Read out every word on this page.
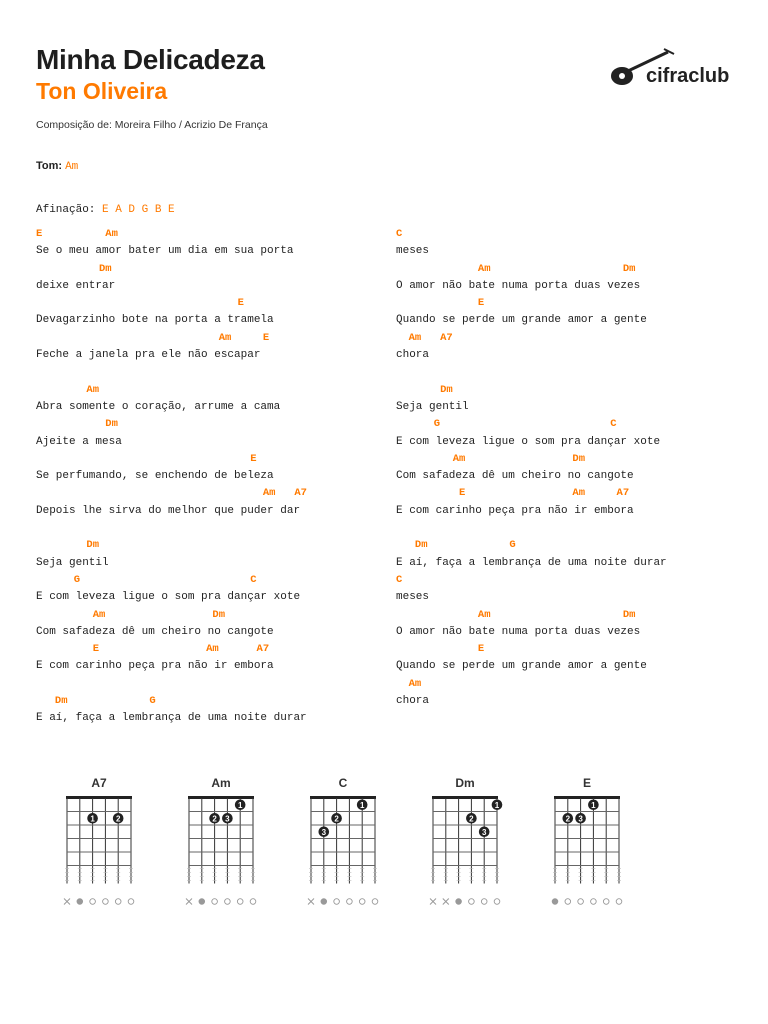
Minha Delicadeza
Ton Oliveira
Composição de: Moreira Filho / Acrizio De França
cifraclub
Tom: Am
Afinação: E A D G B E
E          Am
Se o meu amor bater um dia em sua porta
Dm
deixe entrar
E
Devagarzinho bote na porta a tramela
Am     E
Feche a janela pra ele não escapar
Am
Abra somente o coração, arrume a cama
Dm
Ajeite a mesa
E
Se perfumando, se enchendo de beleza
Am   A7
Depois lhe sirva do melhor que puder dar
Dm
Seja gentil
G                           C
E com leveza ligue o som pra dançar xote
Am                 Dm
Com safadeza dê um cheiro no cangote
E                 Am      A7
E com carinho peça pra não ir embora
Dm             G
E aí, faça a lembrança de uma noite durar
C
meses
Am                     Dm
O amor não bate numa porta duas vezes
E
Quando se perde um grande amor a gente
Am   A7
chora
Dm
Seja gentil
G                           C
E com leveza ligue o som pra dançar xote
Am                 Dm
Com safadeza dê um cheiro no cangote
E                 Am     A7
E com carinho peça pra não ir embora
Dm             G
E aí, faça a lembrança de uma noite durar
C
meses
Am                     Dm
O amor não bate numa porta duas vezes
E
Quando se perde um grande amor a gente
Am
chora
A7
1	2
Am
1
2 3
C
1
2
3
Dm
1
2
3
E
1
2 3
